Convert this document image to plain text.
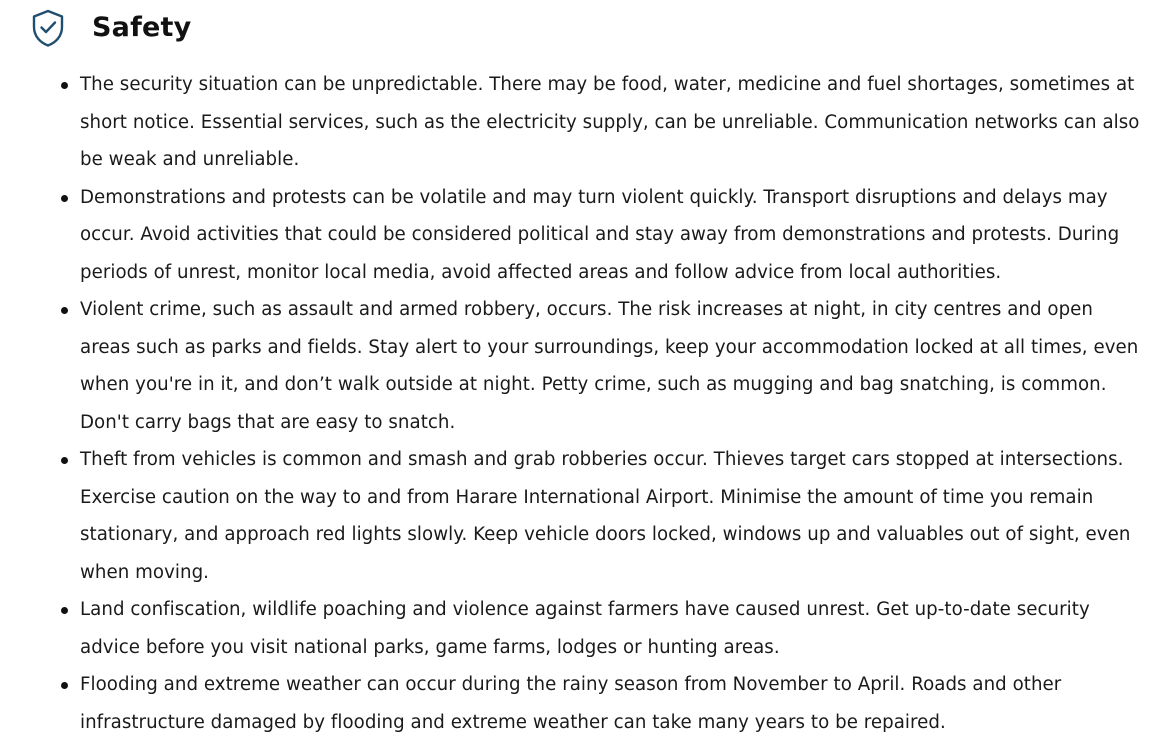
Safety
The security situation can be unpredictable. There may be food, water, medicine and fuel shortages, sometimes at short notice. Essential services, such as the electricity supply, can be unreliable. Communication networks can also be weak and unreliable.
Demonstrations and protests can be volatile and may turn violent quickly. Transport disruptions and delays may occur. Avoid activities that could be considered political and stay away from demonstrations and protests. During periods of unrest, monitor local media, avoid affected areas and follow advice from local authorities.
Violent crime, such as assault and armed robbery, occurs. The risk increases at night, in city centres and open areas such as parks and fields. Stay alert to your surroundings, keep your accommodation locked at all times, even when you're in it, and don’t walk outside at night. Petty crime, such as mugging and bag snatching, is common. Don't carry bags that are easy to snatch.
Theft from vehicles is common and smash and grab robberies occur. Thieves target cars stopped at intersections. Exercise caution on the way to and from Harare International Airport. Minimise the amount of time you remain stationary, and approach red lights slowly. Keep vehicle doors locked, windows up and valuables out of sight, even when moving.
Land confiscation, wildlife poaching and violence against farmers have caused unrest. Get up-to-date security advice before you visit national parks, game farms, lodges or hunting areas.
Flooding and extreme weather can occur during the rainy season from November to April. Roads and other infrastructure damaged by flooding and extreme weather can take many years to be repaired.
